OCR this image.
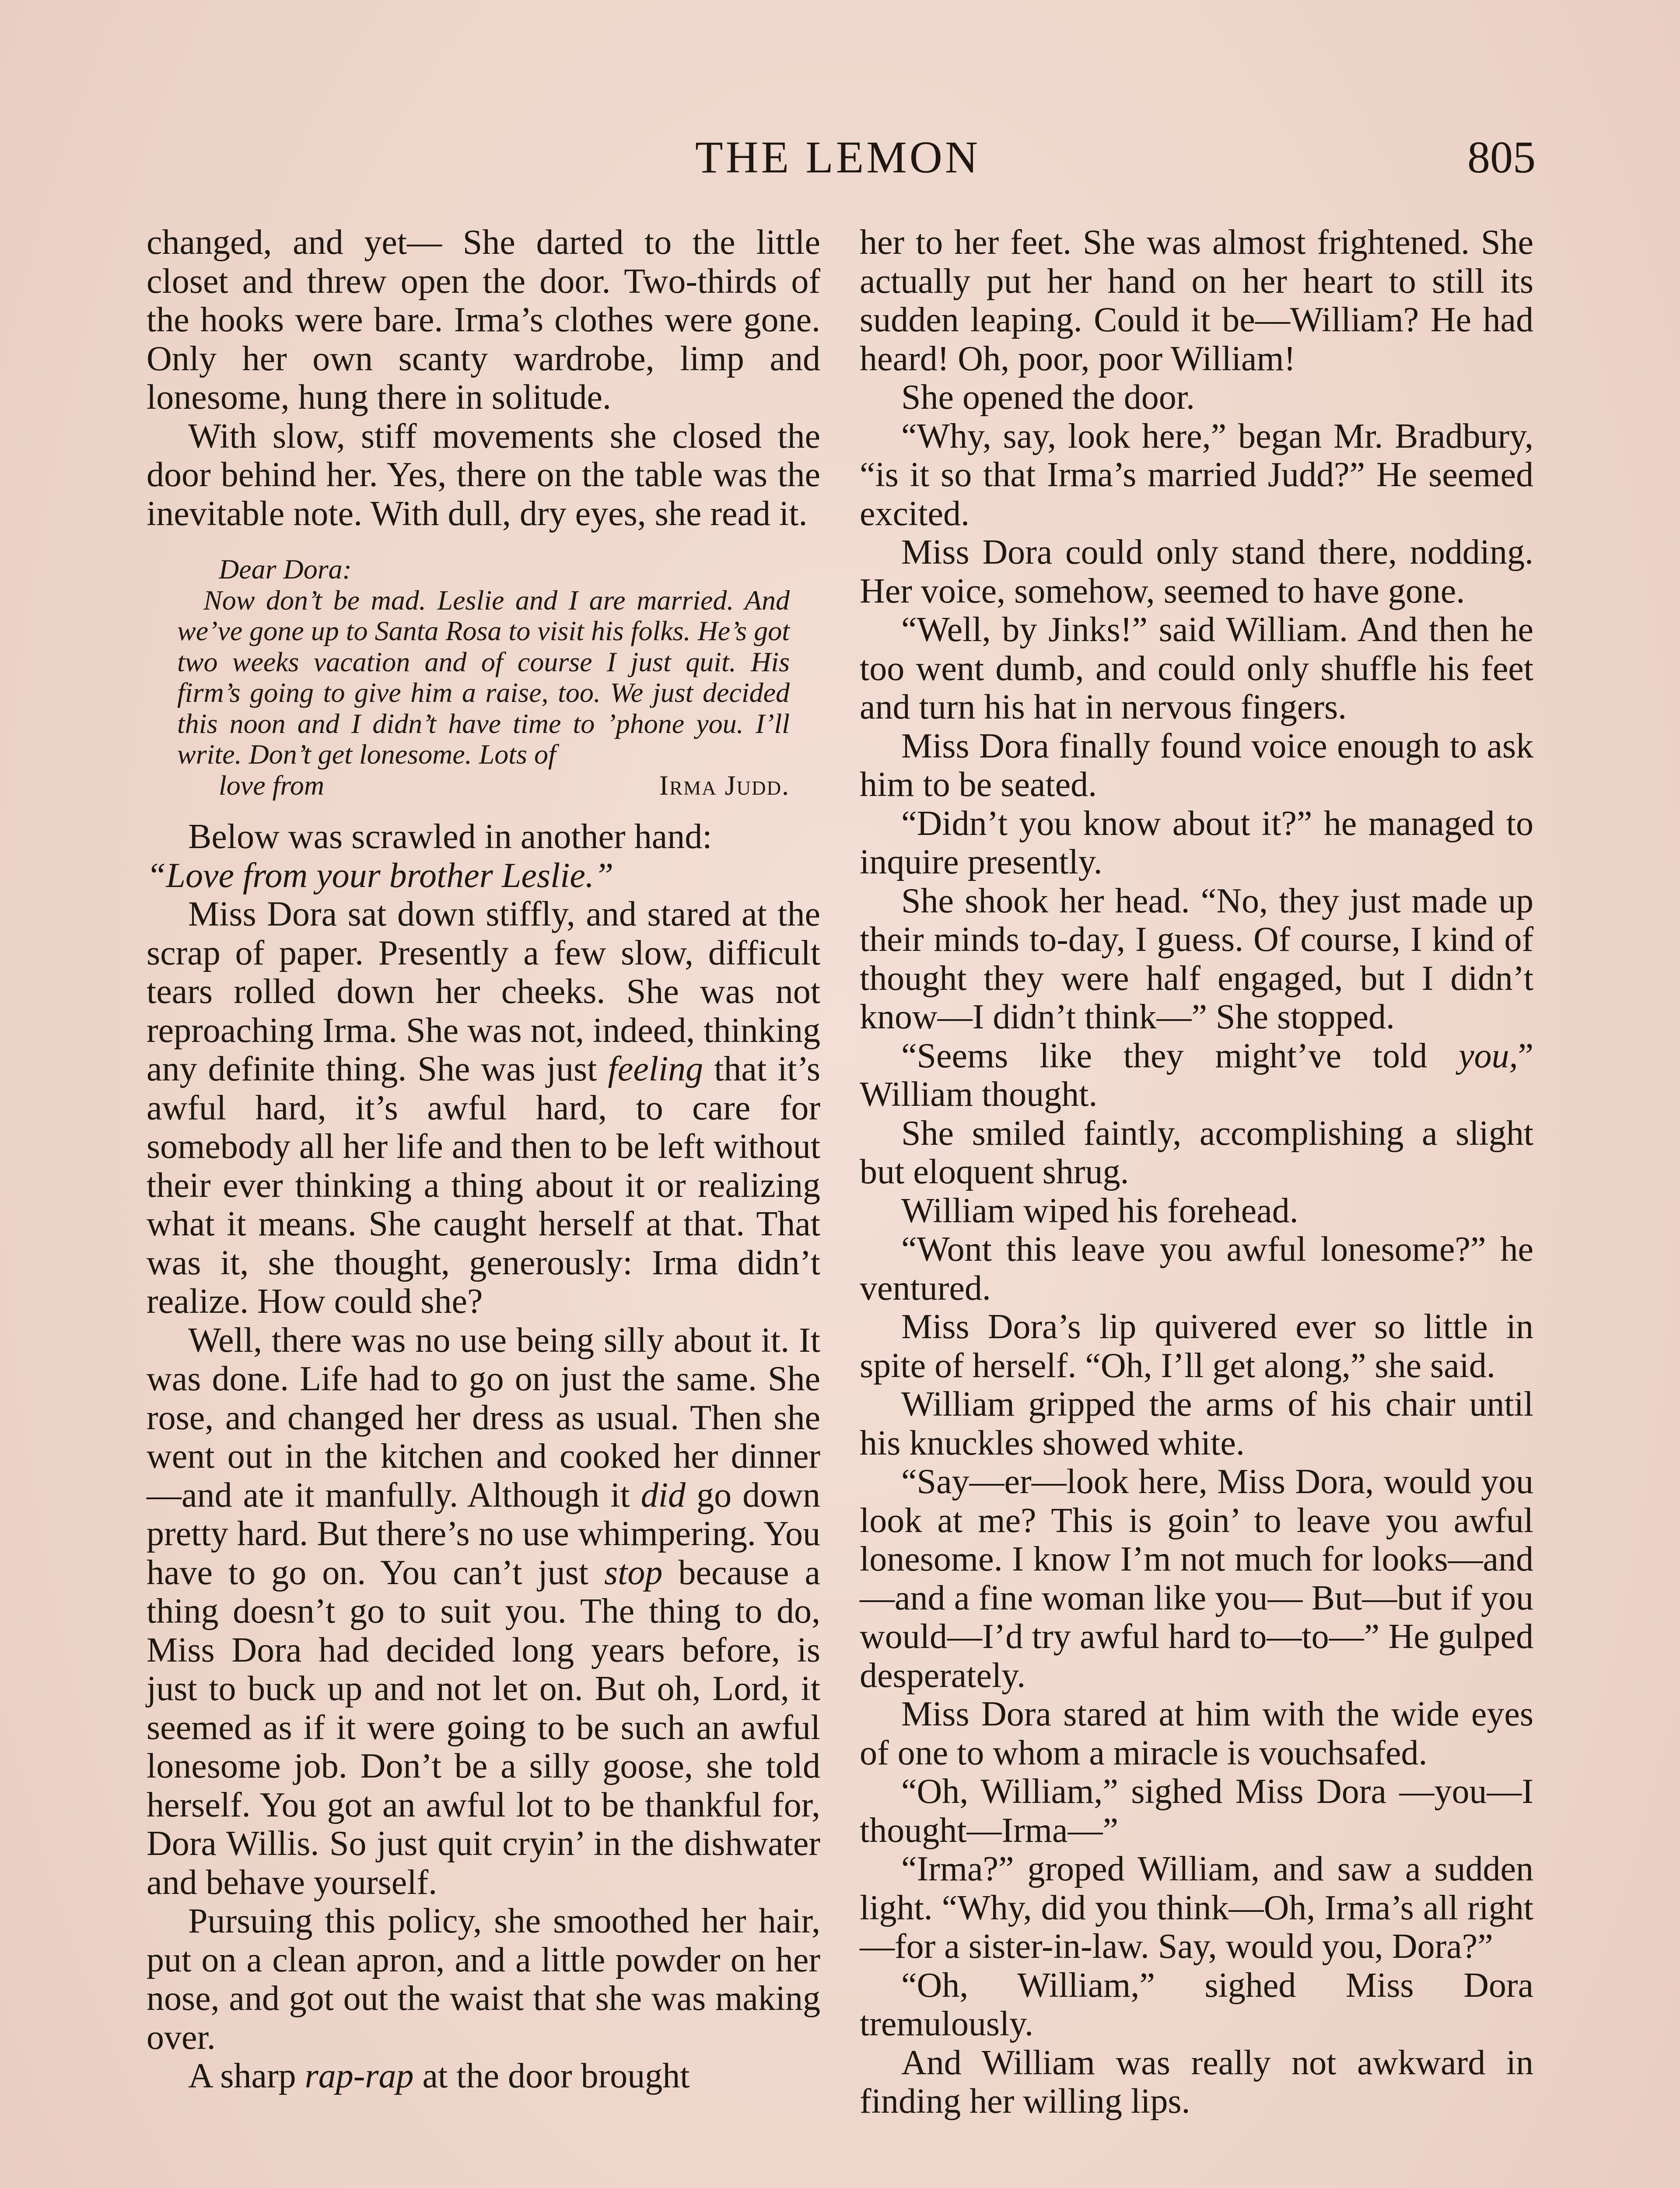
THE LEMON	805

changed, and yet— She darted to the little closet and threw open the door. Two-thirds of the hooks were bare. Irma’s clothes were gone. Only her own scanty wardrobe, limp and lonesome, hung there in solitude.

With slow, stiff movements she closed the door behind her. Yes, there on the table was the inevitable note. With dull, dry eyes, she read it.

Dear Dora:

Now don’t be mad. Leslie and I are married. And we’ve gone up to Santa Rosa to visit his folks. He’s got two weeks vacation and of course I just quit. His firm’s going to give him a raise, too. We just decided this noon and I didn’t have time to ’phone you. I’ll write. Don’t get lonesome. Lots of

love from	Irma Judd.

Below was scrawled in another hand:
“Love from your brother Leslie.”

Miss Dora sat down stiffly, and stared at the scrap of paper. Presently a few slow, difficult tears rolled down her cheeks. She was not reproaching Irma. She was not, indeed, thinking any definite thing. She was just feeling that it’s awful hard, it’s awful hard, to care for somebody all her life and then to be left without their ever thinking a thing about it or realizing what it means. She caught herself at that. That was it, she thought, generously: Irma didn’t realize. How could she?

Well, there was no use being silly about it. It was done. Life had to go on just the same. She rose, and changed her dress as usual. Then she went out in the kitchen and cooked her dinner—and ate it manfully. Although it did go down pretty hard. But there’s no use whimpering. You have to go on. You can’t just stop because a thing doesn’t go to suit you. The thing to do, Miss Dora had decided long years before, is just to buck up and not let on. But oh, Lord, it seemed as if it were going to be such an awful lonesome job. Don’t be a silly goose, she told herself. You got an awful lot to be thankful for, Dora Willis. So just quit cryin’ in the dishwater and behave yourself.

Pursuing this policy, she smoothed her hair, put on a clean apron, and a little powder on her nose, and got out the waist that she was making over.

A sharp rap-rap at the door brought

her to her feet. She was almost frightened. She actually put her hand on her heart to still its sudden leaping. Could it be—William? He had heard! Oh, poor, poor William!

She opened the door.

“Why, say, look here,” began Mr. Bradbury, “is it so that Irma’s married Judd?” He seemed excited.

Miss Dora could only stand there, nodding. Her voice, somehow, seemed to have gone.

“Well, by Jinks!” said William. And then he too went dumb, and could only shuffle his feet and turn his hat in nervous fingers.

Miss Dora finally found voice enough to ask him to be seated.

“Didn’t you know about it?” he managed to inquire presently.

She shook her head. “No, they just made up their minds to-day, I guess. Of course, I kind of thought they were half engaged, but I didn’t know—I didn’t think—” She stopped.

“Seems like they might’ve told you,” William thought.

She smiled faintly, accomplishing a slight but eloquent shrug.

William wiped his forehead.

“Wont this leave you awful lonesome?” he ventured.

Miss Dora’s lip quivered ever so little in spite of herself. “Oh, I’ll get along,” she said.

William gripped the arms of his chair until his knuckles showed white.

“Say—er—look here, Miss Dora, would you look at me? This is goin’ to leave you awful lonesome. I know I’m not much for looks—and—and a fine woman like you— But—but if you would—I’d try awful hard to—to—” He gulped desperately.

Miss Dora stared at him with the wide eyes of one to whom a miracle is vouchsafed.

“Oh, William,” sighed Miss Dora —you—I thought—Irma—”

“Irma?” groped William, and saw a sudden light. “Why, did you think—Oh, Irma’s all right—for a sister-in-law. Say, would you, Dora?”

“Oh, William,” sighed Miss Dora tremulously.

And William was really not awkward in finding her willing lips.
